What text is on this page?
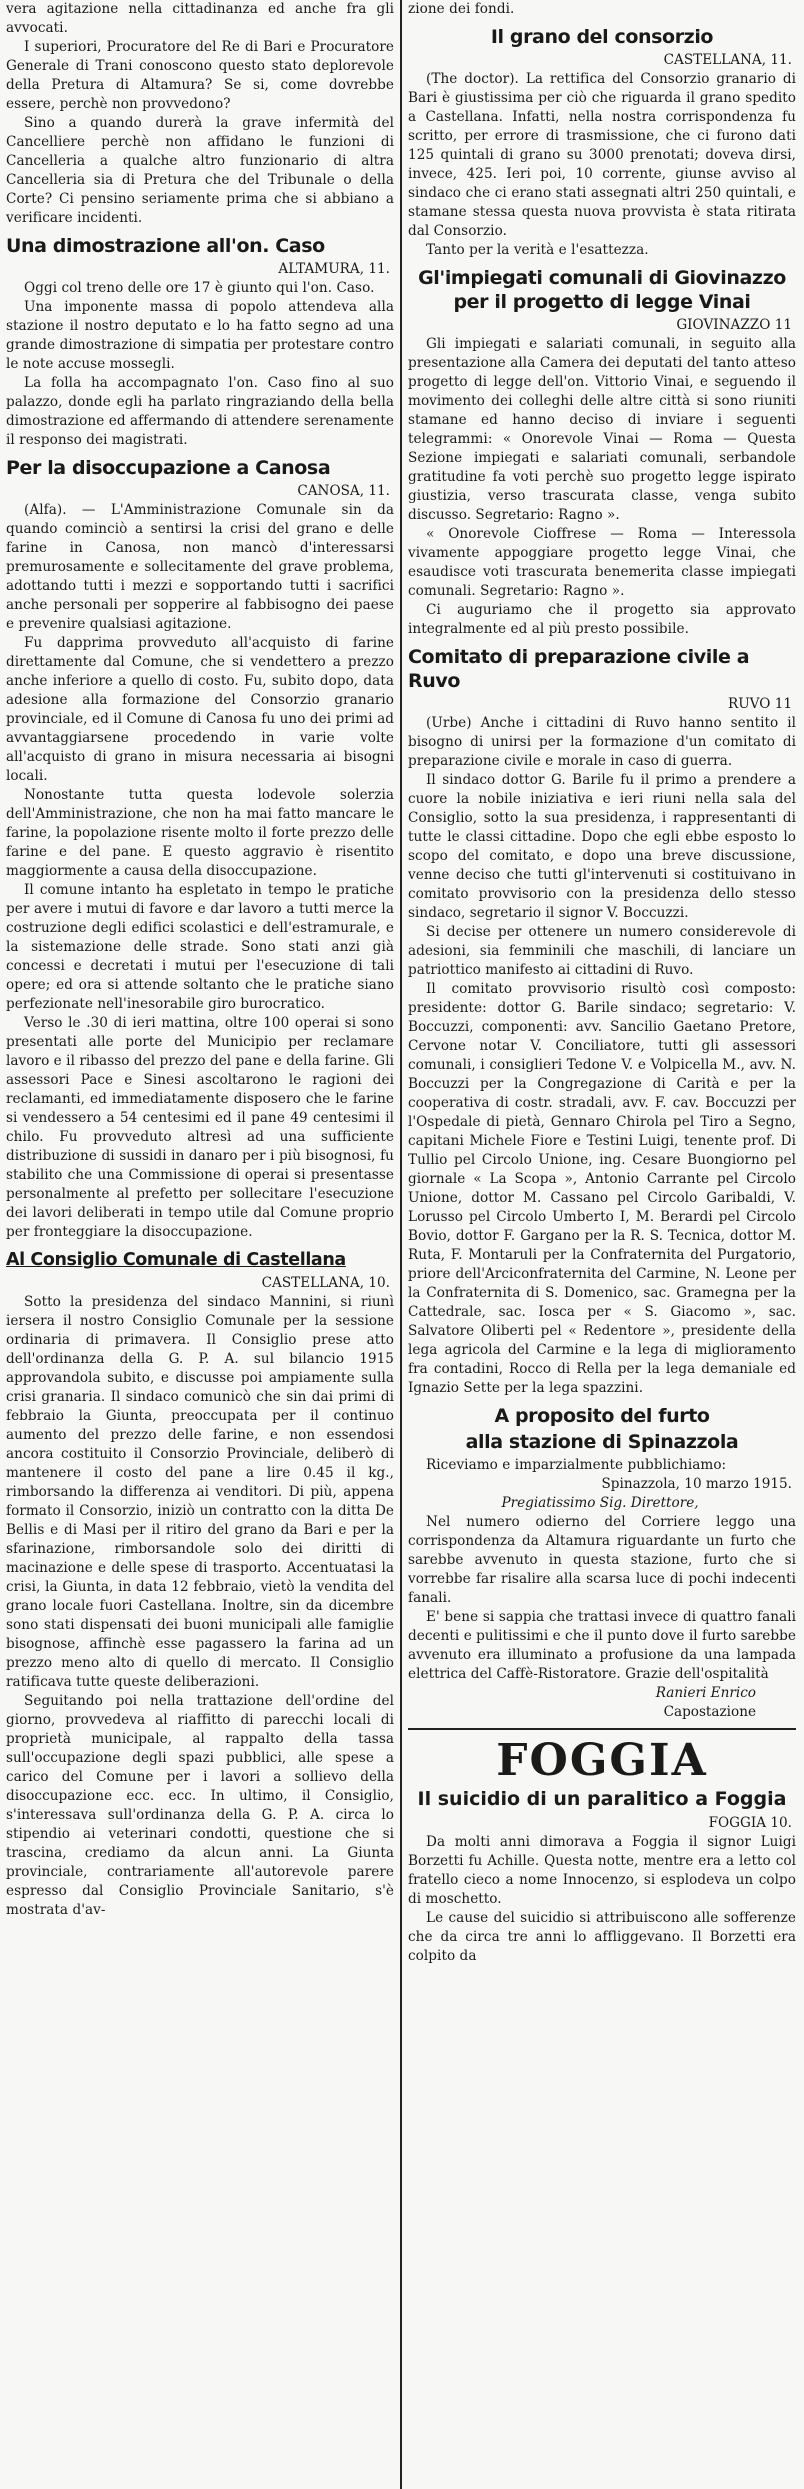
vera agitazione nella cittadinanza ed anche fra gli avvocati.

I superiori, Procuratore del Re di Bari e Procuratore Generale di Trani conoscono questo stato deplorevole della Pretura di Altamura? Se si, come dovrebbe essere, perchè non provvedono?

Sino a quando durerà la grave infermità del Cancelliere perchè non affidano le funzioni di Cancelleria a qualche altro funzionario di altra Cancelleria sia di Pretura che del Tribunale o della Corte? Ci pensino seriamente prima che si abbiano a verificare incidenti.

Una dimostrazione all'on. Caso

ALTAMURA, 11.

Oggi col treno delle ore 17 è giunto qui l'on. Caso.

Una imponente massa di popolo attendeva alla stazione il nostro deputato e lo ha fatto segno ad una grande dimostrazione di simpatia per protestare contro le note accuse mossegli.

La folla ha accompagnato l'on. Caso fino al suo palazzo, donde egli ha parlato ringraziando della bella dimostrazione ed affermando di attendere serenamente il responso dei magistrati.

Per la disoccupazione a Canosa

CANOSA, 11.

(Alfa). — L'Amministrazione Comunale sin da quando cominciò a sentirsi la crisi del grano e delle farine in Canosa, non mancò d'interessarsi premurosamente e sollecitamente del grave problema, adottando tutti i mezzi e sopportando tutti i sacrifici anche personali per sopperire al fabbisogno dei paese e prevenire qualsiasi agitazione.

Fu dapprima provveduto all'acquisto di farine direttamente dal Comune, che si vendettero a prezzo anche inferiore a quello di costo. Fu, subito dopo, data adesione alla formazione del Consorzio granario provinciale, ed il Comune di Canosa fu uno dei primi ad avvantaggiarsene procedendo in varie volte all'acquisto di grano in misura necessaria ai bisogni locali.

Nonostante tutta questa lodevole solerzia dell'Amministrazione, che non ha mai fatto mancare le farine, la popolazione risente molto il forte prezzo delle farine e del pane. E questo aggravio è risentito maggiormente a causa della disoccupazione.

Il comune intanto ha espletato in tempo le pratiche per avere i mutui di favore e dar lavoro a tutti merce la costruzione degli edifici scolastici e dell'estramurale, e la sistemazione delle strade. Sono stati anzi già concessi e decretati i mutui per l'esecuzione di tali opere; ed ora si attende soltanto che le pratiche siano perfezionate nell'inesorabile giro burocratico.

Verso le .30 di ieri mattina, oltre 100 operai si sono presentati alle porte del Municipio per reclamare lavoro e il ribasso del prezzo del pane e della farine. Gli assessori Pace e Sinesi ascoltarono le ragioni dei reclamanti, ed immediatamente disposero che le farine si vendessero a 54 centesimi ed il pane 49 centesimi il chilo. Fu provveduto altresì ad una sufficiente distribuzione di sussidi in danaro per i più bisognosi, fu stabilito che una Commissione di operai si presentasse personalmente al prefetto per sollecitare l'esecuzione dei lavori deliberati in tempo utile dal Comune proprio per fronteggiare la disoccupazione.

Al Consiglio Comunale di Castellana

CASTELLANA, 10.

Sotto la presidenza del sindaco Mannini, si riunì iersera il nostro Consiglio Comunale per la sessione ordinaria di primavera. Il Consiglio prese atto dell'ordinanza della G. P. A. sul bilancio 1915 approvandola subito, e discusse poi ampiamente sulla crisi granaria. Il sindaco comunicò che sin dai primi di febbraio la Giunta, preoccupata per il continuo aumento del prezzo delle farine, e non essendosi ancora costituito il Consorzio Provinciale, deliberò di mantenere il costo del pane a lire 0.45 il kg., rimborsando la differenza ai venditori. Di più, appena formato il Consorzio, iniziò un contratto con la ditta De Bellis e di Masi per il ritiro del grano da Bari e per la sfarinazione, rimborsandole solo dei diritti di macinazione e delle spese di trasporto. Accentuatasi la crisi, la Giunta, in data 12 febbraio, vietò la vendita del grano locale fuori Castellana. Inoltre, sin da dicembre sono stati dispensati dei buoni municipali alle famiglie bisognose, affinchè esse pagassero la farina ad un prezzo meno alto di quello di mercato. Il Consiglio ratificava tutte queste deliberazioni.

Seguitando poi nella trattazione dell'ordine del giorno, provvedeva al riaffitto di parecchi locali di proprietà municipale, al rappalto della tassa sull'occupazione degli spazi pubblici, alle spese a carico del Comune per i lavori a sollievo della disoccupazione ecc. ecc. In ultimo, il Consiglio, s'interessava sull'ordinanza della G. P. A. circa lo stipendio ai veterinari condotti, questione che si trascina, crediamo da alcun anni. La Giunta provinciale, contrariamente all'autorevole parere espresso dal Consiglio Provinciale Sanitario, s'è mostrata d'av-

zione dei fondi.

Il grano del consorzio

CASTELLANA, 11.

(The doctor). La rettifica del Consorzio granario di Bari è giustissima per ciò che riguarda il grano spedito a Castellana. Infatti, nella nostra corrispondenza fu scritto, per errore di trasmissione, che ci furono dati 125 quintali di grano su 3000 prenotati; doveva dirsi, invece, 425. Ieri poi, 10 corrente, giunse avviso al sindaco che ci erano stati assegnati altri 250 quintali, e stamane stessa questa nuova provvista è stata ritirata dal Consorzio.

Tanto per la verità e l'esattezza.

Gl'impiegati comunali di Giovinazzo per il progetto di legge Vinai

GIOVINAZZO 11

Gli impiegati e salariati comunali, in seguito alla presentazione alla Camera dei deputati del tanto atteso progetto di legge dell'on. Vittorio Vinai, e seguendo il movimento dei colleghi delle altre città si sono riuniti stamane ed hanno deciso di inviare i seguenti telegrammi: « Onorevole Vinai — Roma — Questa Sezione impiegati e salariati comunali, serbandole gratitudine fa voti perchè suo progetto legge ispirato giustizia, verso trascurata classe, venga subito discusso. Segretario: Ragno ».

« Onorevole Cioffrese — Roma — Interessola vivamente appoggiare progetto legge Vinai, che esaudisce voti trascurata benemerita classe impiegati comunali. Segretario: Ragno ».

Ci auguriamo che il progetto sia approvato integralmente ed al più presto possibile.

Comitato di preparazione civile a Ruvo

RUVO 11

(Urbe) Anche i cittadini di Ruvo hanno sentito il bisogno di unirsi per la formazione d'un comitato di preparazione civile e morale in caso di guerra.

Il sindaco dottor G. Barile fu il primo a prendere a cuore la nobile iniziativa e ieri riuni nella sala del Consiglio, sotto la sua presidenza, i rappresentanti di tutte le classi cittadine. Dopo che egli ebbe esposto lo scopo del comitato, e dopo una breve discussione, venne deciso che tutti gl'intervenuti si costituivano in comitato provvisorio con la presidenza dello stesso sindaco, segretario il signor V. Boccuzzi.

Si decise per ottenere un numero considerevole di adesioni, sia femminili che maschili, di lanciare un patriottico manifesto ai cittadini di Ruvo.

Il comitato provvisorio risultò così composto: presidente: dottor G. Barile sindaco; segretario: V. Boccuzzi, componenti: avv. Sancilio Gaetano Pretore, Cervone notar V. Conciliatore, tutti gli assessori comunali, i consiglieri Tedone V. e Volpicella M., avv. N. Boccuzzi per la Congregazione di Carità e per la cooperativa di costr. stradali, avv. F. cav. Boccuzzi per l'Ospedale di pietà, Gennaro Chirola pel Tiro a Segno, capitani Michele Fiore e Testini Luigi, tenente prof. Di Tullio pel Circolo Unione, ing. Cesare Buongiorno pel giornale « La Scopa », Antonio Carrante pel Circolo Unione, dottor M. Cassano pel Circolo Garibaldi, V. Lorusso pel Circolo Umberto I, M. Berardi pel Circolo Bovio, dottor F. Gargano per la R. S. Tecnica, dottor M. Ruta, F. Montaruli per la Confraternita del Purgatorio, priore dell'Arciconfraternita del Carmine, N. Leone per la Confraternita di S. Domenico, sac. Gramegna per la Cattedrale, sac. Iosca per « S. Giacomo », sac. Salvatore Oliberti pel « Redentore », presidente della lega agricola del Carmine e la lega di miglioramento fra contadini, Rocco di Rella per la lega demaniale ed Ignazio Sette per la lega spazzini.

A proposito del furto
alla stazione di Spinazzola

Riceviamo e imparzialmente pubblichiamo:

Spinazzola, 10 marzo 1915.

Pregiatissimo Sig. Direttore,

Nel numero odierno del Corriere leggo una corrispondenza da Altamura riguardante un furto che sarebbe avvenuto in questa stazione, furto che si vorrebbe far risalire alla scarsa luce di pochi indecenti fanali.

E' bene si sappia che trattasi invece di quattro fanali decenti e pulitissimi e che il punto dove il furto sarebbe avvenuto era illuminato a profusione da una lampada elettrica del Caffè-Ristoratore. Grazie dell'ospitalità

Ranieri Enrico

Capostazione

FOGGIA
Il suicidio di un paralitico a Foggia

FOGGIA 10.

Da molti anni dimorava a Foggia il signor Luigi Borzetti fu Achille. Questa notte, mentre era a letto col fratello cieco a nome Innocenzo, si esplodeva un colpo di moschetto.

Le cause del suicidio si attribuiscono alle sofferenze che da circa tre anni lo affliggevano. Il Borzetti era colpito da
